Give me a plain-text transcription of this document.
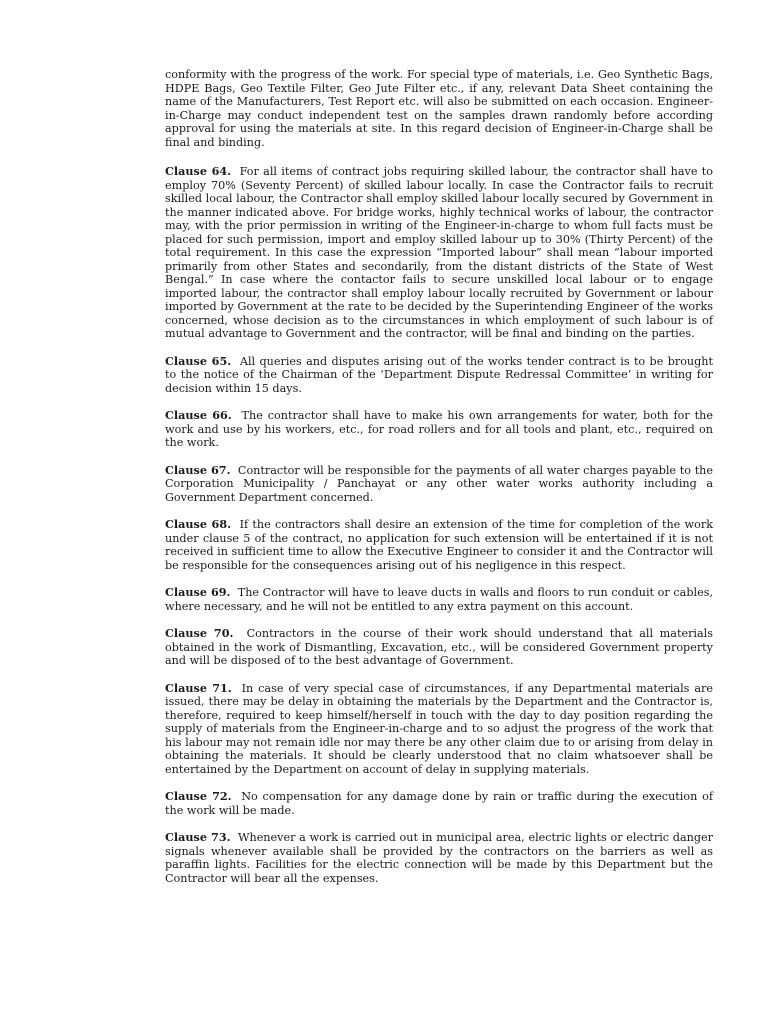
conformity with the progress of the work. For special type of materials, i.e. Geo Synthetic Bags, HDPE Bags, Geo Textile Filter, Geo Jute Filter etc., if any, relevant Data Sheet containing the name of the Manufacturers, Test Report etc. will also be submitted on each occasion. Engineer-in-Charge may conduct independent test on the samples drawn randomly before according approval for using the materials at site. In this regard decision of Engineer-in-Charge shall be final and binding.

Clause 64. For all items of contract jobs requiring skilled labour, the contractor shall have to employ 70% (Seventy Percent) of skilled labour locally. In case the Contractor fails to recruit skilled local labour, the Contractor shall employ skilled labour locally secured by Government in the manner indicated above. For bridge works, highly technical works of labour, the contractor may, with the prior permission in writing of the Engineer-in-charge to whom full facts must be placed for such permission, import and employ skilled labour up to 30% (Thirty Percent) of the total requirement. In this case the expression “Imported labour” shall mean “labour imported primarily from other States and secondarily, from the distant districts of the State of West Bengal.” In case where the contactor fails to secure unskilled local labour or to engage imported labour, the contractor shall employ labour locally recruited by Government or labour imported by Government at the rate to be decided by the Superintending Engineer of the works concerned, whose decision as to the circumstances in which employment of such labour is of mutual advantage to Government and the contractor, will be final and binding on the parties.

Clause 65. All queries and disputes arising out of the works tender contract is to be brought to the notice of the Chairman of the ‘Department Dispute Redressal Committee’ in writing for decision within 15 days.

Clause 66. The contractor shall have to make his own arrangements for water, both for the work and use by his workers, etc., for road rollers and for all tools and plant, etc., required on the work.

Clause 67. Contractor will be responsible for the payments of all water charges payable to the Corporation Municipality / Panchayat or any other water works authority including a Government Department concerned.

Clause 68. If the contractors shall desire an extension of the time for completion of the work under clause 5 of the contract, no application for such extension will be entertained if it is not received in sufficient time to allow the Executive Engineer to consider it and the Contractor will be responsible for the consequences arising out of his negligence in this respect.

Clause 69. The Contractor will have to leave ducts in walls and floors to run conduit or cables, where necessary, and he will not be entitled to any extra payment on this account.

Clause 70. Contractors in the course of their work should understand that all materials obtained in the work of Dismantling, Excavation, etc., will be considered Government property and will be disposed of to the best advantage of Government.

Clause 71. In case of very special case of circumstances, if any Departmental materials are issued, there may be delay in obtaining the materials by the Department and the Contractor is, therefore, required to keep himself/herself in touch with the day to day position regarding the supply of materials from the Engineer-in-charge and to so adjust the progress of the work that his labour may not remain idle nor may there be any other claim due to or arising from delay in obtaining the materials. It should be clearly understood that no claim whatsoever shall be entertained by the Department on account of delay in supplying materials.

Clause 72. No compensation for any damage done by rain or traffic during the execution of the work will be made.

Clause 73. Whenever a work is carried out in municipal area, electric lights or electric danger signals whenever available shall be provided by the contractors on the barriers as well as paraffin lights. Facilities for the electric connection will be made by this Department but the Contractor will bear all the expenses.
